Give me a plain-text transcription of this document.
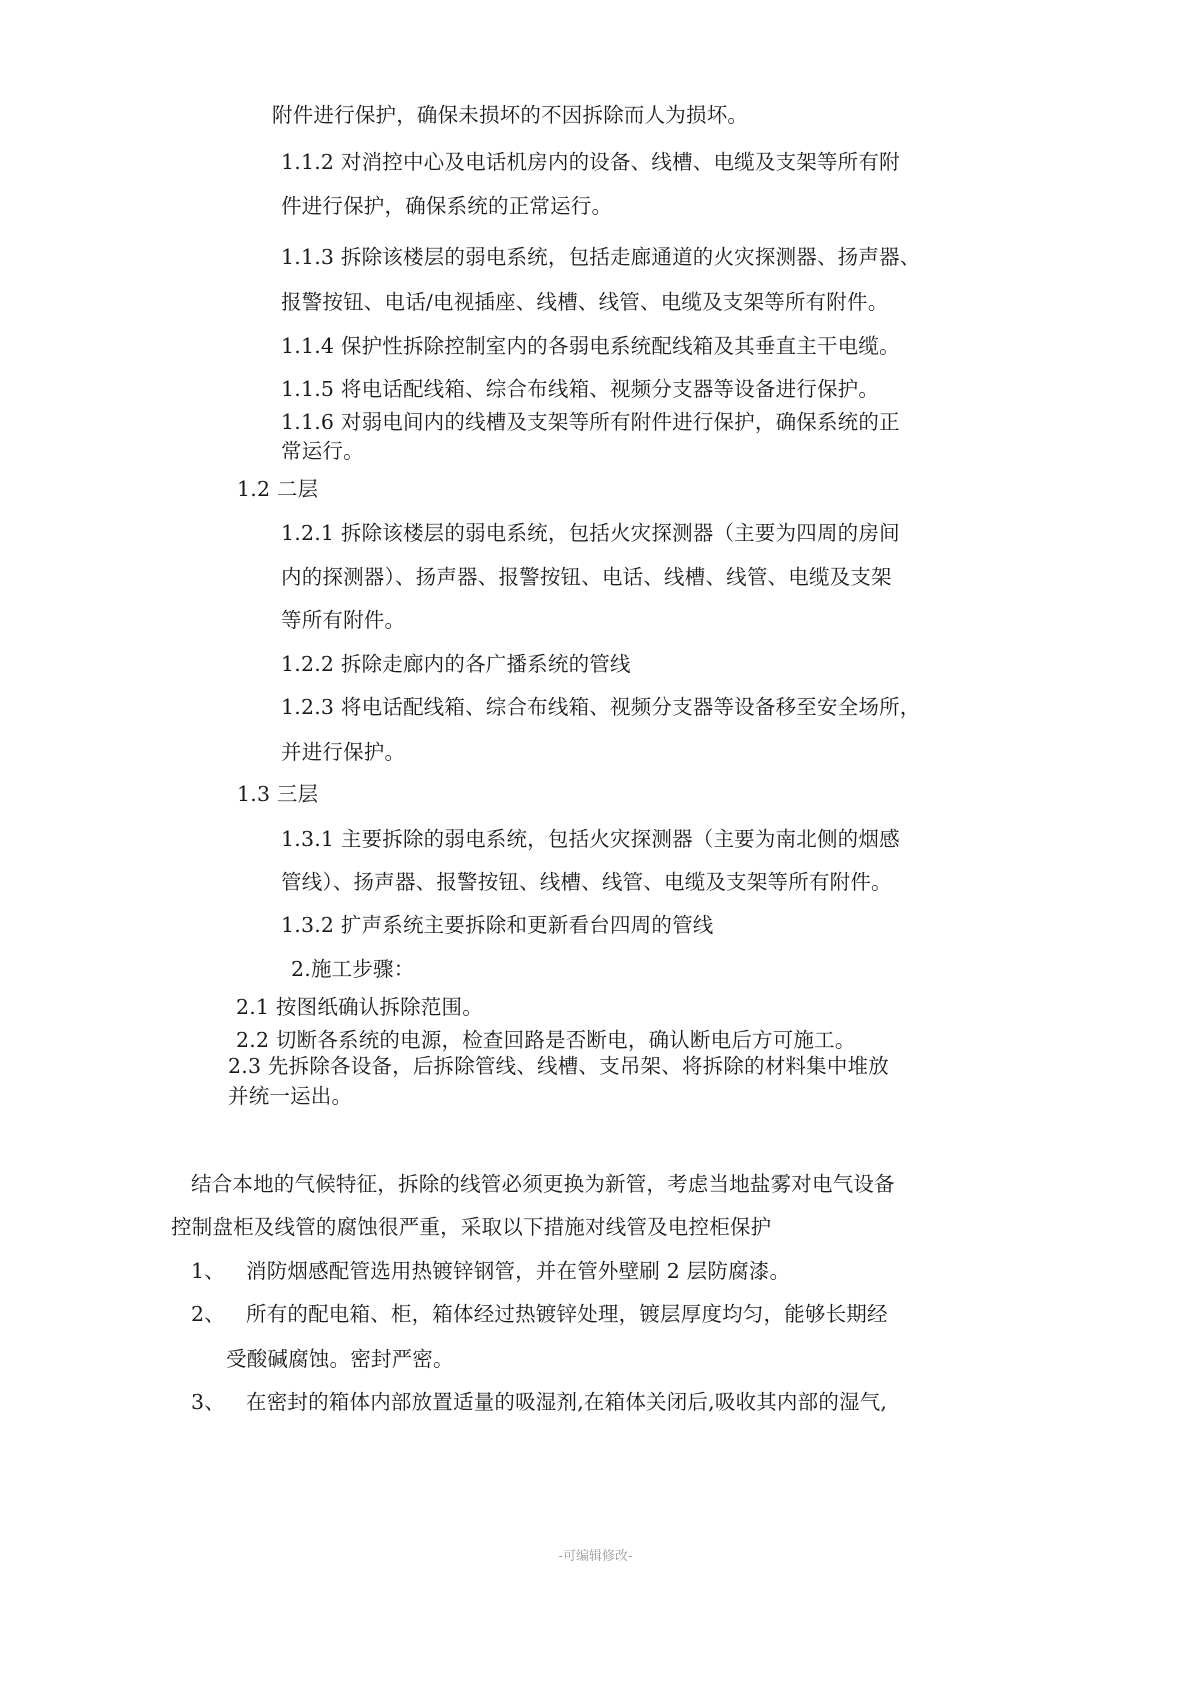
附件进行保护，确保未损坏的不因拆除而人为损坏。

1.1.2 对消控中心及电话机房内的设备、线槽、电缆及支架等所有附

件进行保护，确保系统的正常运行。

1.1.3 拆除该楼层的弱电系统，包括走廊通道的火灾探测器、扬声器、

报警按钮、电话/电视插座、线槽、线管、电缆及支架等所有附件。

1.1.4 保护性拆除控制室内的各弱电系统配线箱及其垂直主干电缆。

1.1.5 将电话配线箱、综合布线箱、视频分支器等设备进行保护。

1.1.6 对弱电间内的线槽及支架等所有附件进行保护，确保系统的正

常运行。

1.2 二层

1.2.1 拆除该楼层的弱电系统，包括火灾探测器（主要为四周的房间

内的探测器）、扬声器、报警按钮、电话、线槽、线管、电缆及支架

等所有附件。

1.2.2 拆除走廊内的各广播系统的管线

1.2.3 将电话配线箱、综合布线箱、视频分支器等设备移至安全场所，

并进行保护。

1.3 三层

1.3.1 主要拆除的弱电系统，包括火灾探测器（主要为南北侧的烟感

管线）、扬声器、报警按钮、线槽、线管、电缆及支架等所有附件。

1.3.2 扩声系统主要拆除和更新看台四周的管线

2.施工步骤：

2.1 按图纸确认拆除范围。

2.2 切断各系统的电源，检查回路是否断电，确认断电后方可施工。

2.3 先拆除各设备，后拆除管线、线槽、支吊架、将拆除的材料集中堆放

并统一运出。

结合本地的气候特征，拆除的线管必须更换为新管，考虑当地盐雾对电气设备

控制盘柜及线管的腐蚀很严重，采取以下措施对线管及电控柜保护

1、 消防烟感配管选用热镀锌钢管，并在管外壁刷 2 层防腐漆。

2、 所有的配电箱、柜，箱体经过热镀锌处理，镀层厚度均匀，能够长期经

受酸碱腐蚀。密封严密。

3、 在密封的箱体内部放置适量的吸湿剂,在箱体关闭后,吸收其内部的湿气,

-可编辑修改-
